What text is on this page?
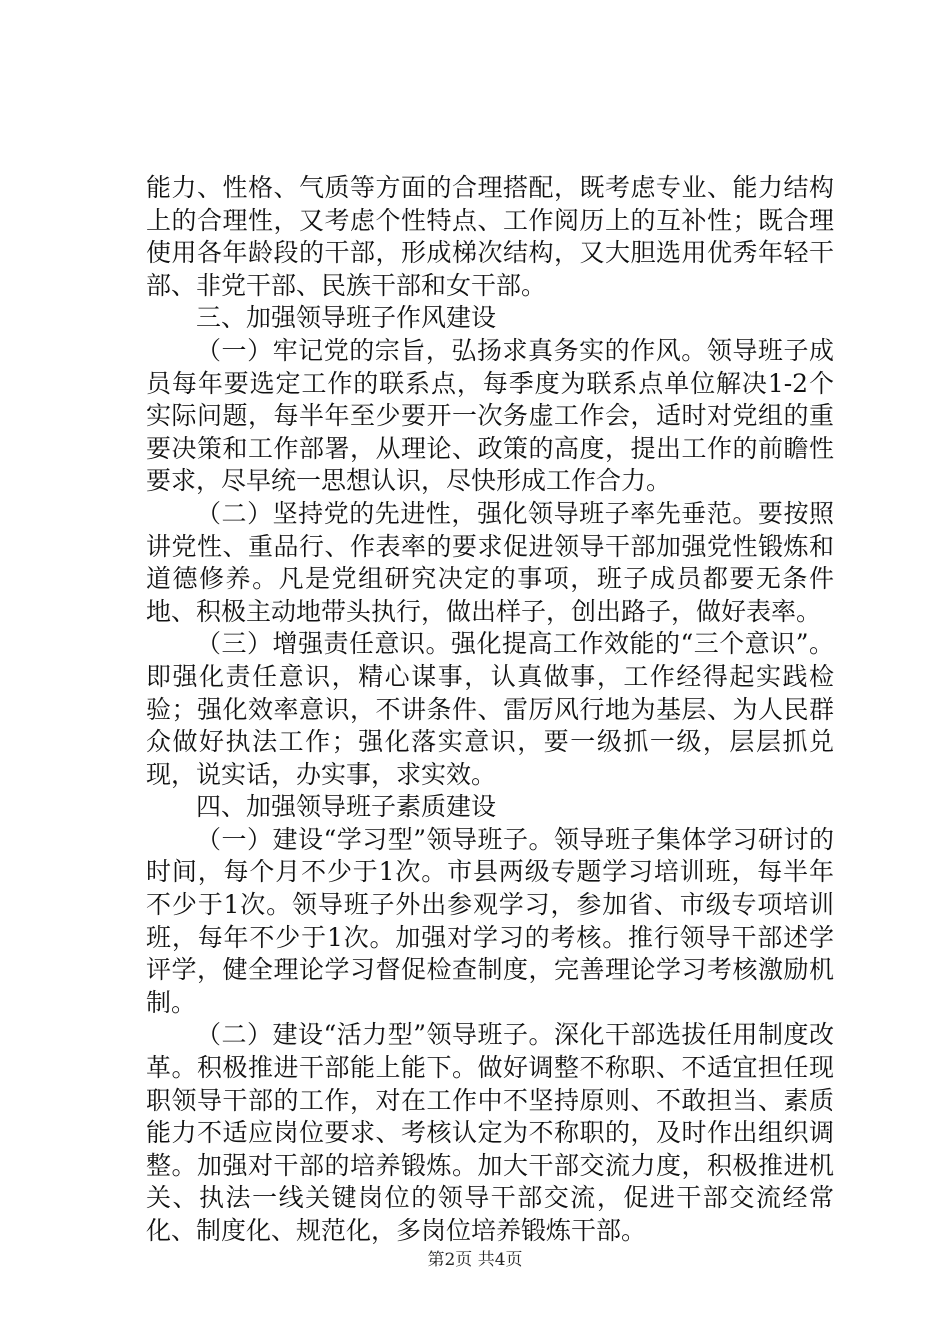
能力、性格、气质等方面的合理搭配，既考虑专业、能力结构上的合理性，又考虑个性特点、工作阅历上的互补性；既合理使用各年龄段的干部，形成梯次结构，又大胆选用优秀年轻干部、非党干部、民族干部和女干部。

三、加强领导班子作风建设

（一）牢记党的宗旨，弘扬求真务实的作风。领导班子成员每年要选定工作的联系点，每季度为联系点单位解决1-2个实际问题，每半年至少要开一次务虚工作会，适时对党组的重要决策和工作部署，从理论、政策的高度，提出工作的前瞻性要求，尽早统一思想认识，尽快形成工作合力。

（二）坚持党的先进性，强化领导班子率先垂范。要按照讲党性、重品行、作表率的要求促进领导干部加强党性锻炼和道德修养。凡是党组研究决定的事项，班子成员都要无条件地、积极主动地带头执行，做出样子，创出路子，做好表率。

（三）增强责任意识。强化提高工作效能的“三个意识”。即强化责任意识，精心谋事，认真做事，工作经得起实践检验；强化效率意识，不讲条件、雷厉风行地为基层、为人民群众做好执法工作；强化落实意识，要一级抓一级，层层抓兑现，说实话，办实事，求实效。

四、加强领导班子素质建设

（一）建设“学习型”领导班子。领导班子集体学习研讨的时间，每个月不少于1次。市县两级专题学习培训班，每半年不少于1次。领导班子外出参观学习，参加省、市级专项培训班，每年不少于1次。加强对学习的考核。推行领导干部述学评学，健全理论学习督促检查制度，完善理论学习考核激励机制。

（二）建设“活力型”领导班子。深化干部选拔任用制度改革。积极推进干部能上能下。做好调整不称职、不适宜担任现职领导干部的工作，对在工作中不坚持原则、不敢担当、素质能力不适应岗位要求、考核认定为不称职的，及时作出组织调整。加强对干部的培养锻炼。加大干部交流力度，积极推进机关、执法一线关键岗位的领导干部交流，促进干部交流经常化、制度化、规范化，多岗位培养锻炼干部。

第2页 共4页
